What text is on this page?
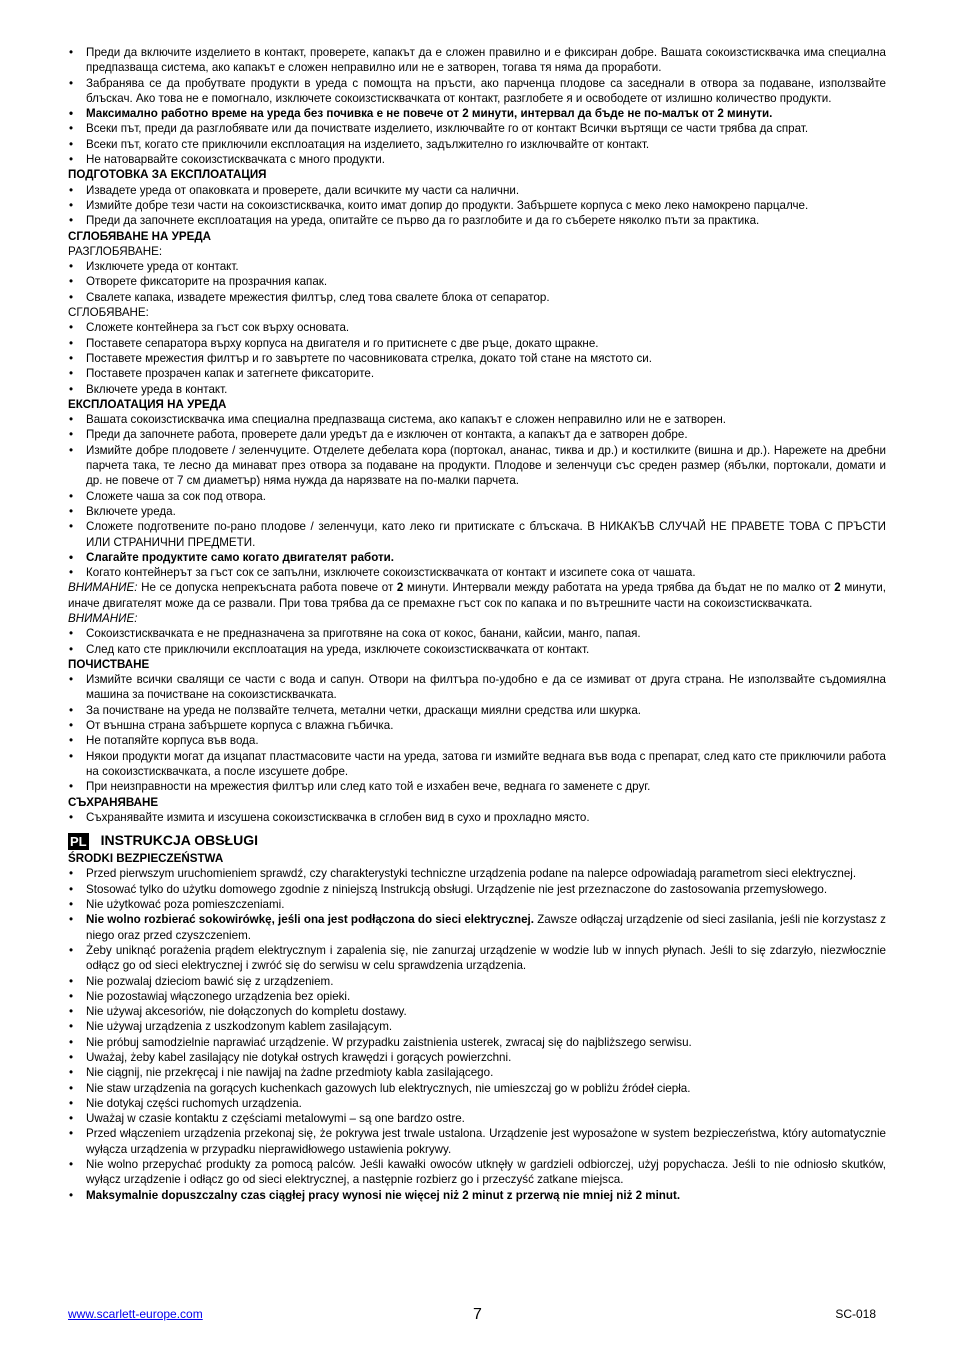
• Преди да включите изделието в контакт, проверете, капакът да е сложен правилно и е фиксиран добре. Вашата сокоизстисквачка има специална предпазваща система, ако капакът е сложен неправилно или не е затворен, тогава тя няма да проработи.
• Забранява се да пробутвате продукти в уреда с помощта на пръсти, ако парченца плодове са заседнали в отвора за подаване, използвайте блъскач. Ако това не е помогнало, изключете сокоизстисквачката от контакт, разглобете я и освободете от излишно количество продукти.
• Максимално работно време на уреда без почивка е не повече от 2 минути, интервал да бъде не по-малък от 2 минути.
• Всеки път, преди да разглобявате или да почиствате изделието, изключвайте го от контакт Всички въртящи се части трябва да спрат.
• Всеки път, когато сте приключили експлоатация на изделието, задължително го изключвайте от контакт.
• Не натоварвайте сокоизстисквачката с много продукти.
ПОДГОТОВКА ЗА ЕКСПЛОАТАЦИЯ
• Извадете уреда от опаковката и проверете, дали всичките му части са налични.
• Измийте добре тези части на сокоизстисквачка, които имат допир до продукти. Забършете корпуса с меко леко намокрено парцалче.
• Преди да започнете експлоатация на уреда, опитайте се първо да го разглобите и да го съберете няколко пъти за практика.
СГЛОБЯВАНЕ НА УРЕДА
РАЗГЛОБЯВАНЕ:
• Изключете уреда от контакт.
• Отворете фиксаторите на прозрачния капак.
• Свалете капака, извадете мрежестия филтър, след това свалете блока от сепаратор.
СГЛОБЯВАНЕ:
• Сложете контейнера за гъст сок върху основата.
• Поставете сепаратора върху корпуса на двигателя и го притиснете с две ръце, докато щракне.
• Поставете мрежестия филтър и го завъртете по часовниковата стрелка, докато той стане на мястото си.
• Поставете прозрачен капак и затегнете фиксаторите.
• Включете уреда в контакт.
ЕКСПЛОАТАЦИЯ НА УРЕДА
• Вашата сокоизстисквачка има специална предпазваща система, ако капакът е сложен неправилно или не е затворен.
• Преди да започнете работа, проверете дали уредът да е изключен от контакта, а капакът да е затворен добре.
• Измийте добре плодовете / зеленчуците. Отделете дебелата кора (портокал, ананас, тиква и др.) и костилките (вишна и др.). Нарежете на дребни парчета така, те лесно да минават през отвора за подаване на продукти. Плодове и зеленчуци със среден размер (ябълки, портокали, домати и др. не повече от 7 см диаметър) няма нужда да нарязвате на по-малки парчета.
• Сложете чаша за сок под отвора.
• Включете уреда.
• Сложете подготвените по-рано плодове / зеленчуци, като леко ги притискате с блъскача. В НИКАКЪВ СЛУЧАЙ НЕ ПРАВЕТЕ ТОВА С ПРЪСТИ ИЛИ СТРАНИЧНИ ПРЕДМЕТИ.
• Слагайте продуктите само когато двигателят работи.
• Когато контейнерът за гъст сок се запълни, изключете сокоизстисквачката от контакт и изсипете сока от чашата.
ВНИМАНИЕ: Не се допуска непрекъсната работа повече от 2 минути. Интервали между работата на уреда трябва да бъдат не по малко от 2 минути, иначе двигателят може да се развали. При това трябва да се премахне гъст сок по капака и по вътрешните части на сокоизстисквачката.
ВНИМАНИЕ:
• Сокоизстисквачката е не предназначена за приготвяне на сока от кокос, банани, кайсии, манго, папая.
• След като сте приключили експлоатация на уреда, изключете сокоизстисквачката от контакт.
ПОЧИСТВАНЕ
• Измийте всички свалящи се части с вода и сапун. Отвори на филтъра по-удобно е да се измиват от друга страна. Не използвайте съдомиялна машина за почистване на сокоизстисквачката.
• За почистване на уреда не ползвайте телчета, метални четки, драскащи миялни средства или шкурка.
• От външна страна забършете корпуса с влажна гъбичка.
• Не потапяйте корпуса във вода.
• Някои продукти могат да изцапат пластмасовите части на уреда, затова ги измийте веднага във вода с препарат, след като сте приключили работа на сокоизстисквачката, а после изсушете добре.
• При неизправности на мрежестия филтър или след като той е изхабен вече, веднага го заменете с друг.
СЪХРАНЯВАНЕ
• Съхранявайте измита и изсушена сокоизстисквачка в сглобен вид в сухо и прохладно място.
PL INSTRUKCJA OBSŁUGI
ŚRODKI BEZPIECZEŃSTWA
• Przed pierwszym uruchomieniem sprawdź, czy charakterystyki techniczne urządzenia podane na nalepce odpowiadają parametrom sieci elektrycznej.
• Stosować tylko do użytku domowego zgodnie z niniejszą Instrukcją obsługi. Urządzenie nie jest przeznaczone do zastosowania przemysłowego.
• Nie użytkować poza pomieszczeniami.
• Nie wolno rozbierać sokowirówkę, jeśli ona jest podłączona do sieci elektrycznej. Zawsze odłączaj urządzenie od sieci zasilania, jeśli nie korzystasz z niego oraz przed czyszczeniem.
• Żeby uniknąć porażenia prądem elektrycznym i zapalenia się, nie zanurzaj urządzenie w wodzie lub w innych płynach. Jeśli to się zdarzyło, niezwłocznie odłącz go od sieci elektrycznej i zwróć się do serwisu w celu sprawdzenia urządzenia.
• Nie pozwalaj dzieciom bawić się z urządzeniem.
• Nie pozostawiaj włączonego urządzenia bez opieki.
• Nie używaj akcesoriów, nie dołączonych do kompletu dostawy.
• Nie używaj urządzenia z uszkodzonym kablem zasilającym.
• Nie próbuj samodzielnie naprawiać urządzenie. W przypadku zaistnienia usterek, zwracaj się do najbliższego serwisu.
• Uważaj, żeby kabel zasilający nie dotykał ostrych krawędzi i gorących powierzchni.
• Nie ciągnij, nie przekręcaj i nie nawijaj na żadne przedmioty kabla zasilającego.
• Nie staw urządzenia na gorących kuchenkach gazowych lub elektrycznych, nie umieszczaj go w pobliżu źródeł ciepła.
• Nie dotykaj części ruchomych urządzenia.
• Uważaj w czasie kontaktu z częściami metalowymi – są one bardzo ostre.
• Przed włączeniem urządzenia przekonaj się, że pokrywa jest trwale ustalona. Urządzenie jest wyposażone w system bezpieczeństwa, który automatycznie wyłącza urządzenia w przypadku nieprawidłowego ustawienia pokrywy.
• Nie wolno przepychać produkty za pomocą palców. Jeśli kawałki owoców utknęły w gardzieli odbiorczej, użyj popychacza. Jeśli to nie odniosło skutków, wyłącz urządzenie i odłącz go od sieci elektrycznej, a następnie rozbierz go i przeczyść zatkane miejsca.
• Maksymalnie dopuszczalny czas ciągłej pracy wynosi nie więcej niż 2 minut z przerwą nie mniej niż 2 minut.
www.scarlett-europe.com	7	SC-018
